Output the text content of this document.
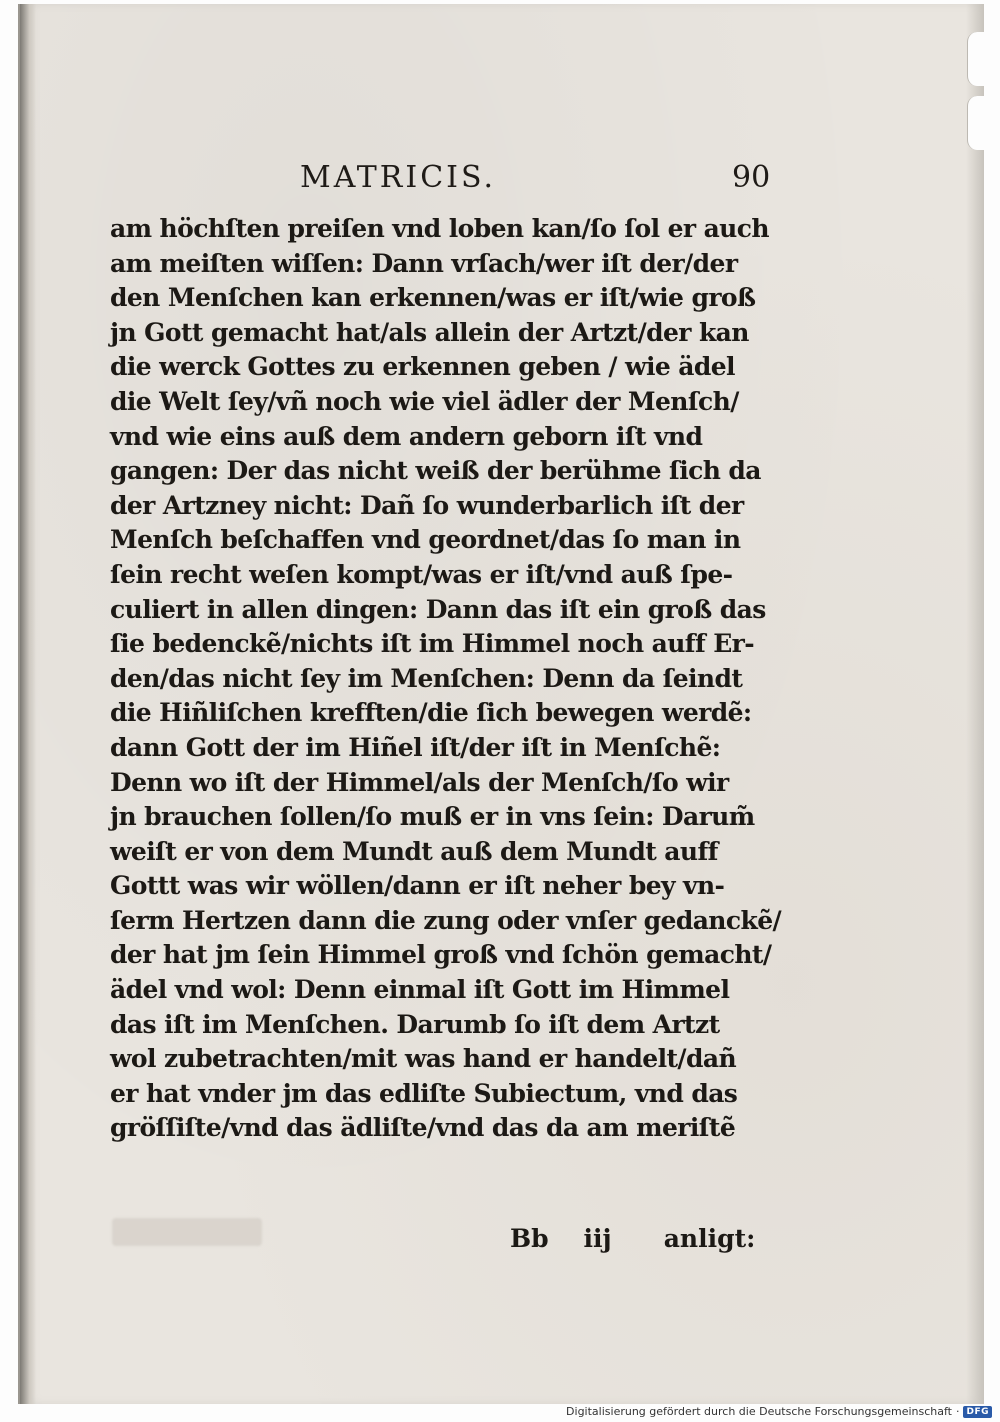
MATRICIS.	90
am höchſten preiſen vnd loben kan/ſo ſol er auch
am meiſten wiſſen: Dann vrſach/wer iſt der/der
den Menſchen kan erkennen/was er iſt/wie groß
jn Gott gemacht hat/als allein der Artzt/der kan
die werck Gottes zu erkennen geben / wie ädel
die Welt ſey/vñ noch wie viel ädler der Menſch/
vnd wie eins auß dem andern geborn iſt vnd
gangen: Der das nicht weiß der berühme ſich da
der Artzney nicht: Dañ ſo wunderbarlich iſt der
Menſch beſchaffen vnd geordnet/das ſo man in
ſein recht weſen kompt/was er iſt/vnd auß ſpe-
culiert in allen dingen: Dann das iſt ein groß das
ſie bedenckẽ/nichts iſt im Himmel noch auff Er-
den/das nicht ſey im Menſchen: Denn da ſeindt
die Hiñliſchen krefften/die ſich bewegen werdẽ:
dann Gott der im Hiñel iſt/der iſt in Menſchẽ:
Denn wo iſt der Himmel/als der Menſch/ſo wir
jn brauchen ſollen/ſo muß er in vns ſein: Darum̃
weiſt er von dem Mundt auß dem Mundt auff
Gottt was wir wöllen/dann er iſt neher bey vn-
ſerm Hertzen dann die zung oder vnſer gedanckẽ/
der hat jm ſein Himmel groß vnd ſchön gemacht/
ädel vnd wol: Denn einmal iſt Gott im Himmel
das iſt im Menſchen. Darumb ſo iſt dem Artzt
wol zubetrachten/mit was hand er handelt/dañ
er hat vnder jm das edliſte Subiectum, vnd das
gröſſiſte/vnd das ädliſte/vnd das da am meriſtẽ
Bb iij anligt:
Digitalisierung gefördert durch die Deutsche Forschungsgemeinschaft · DFG
